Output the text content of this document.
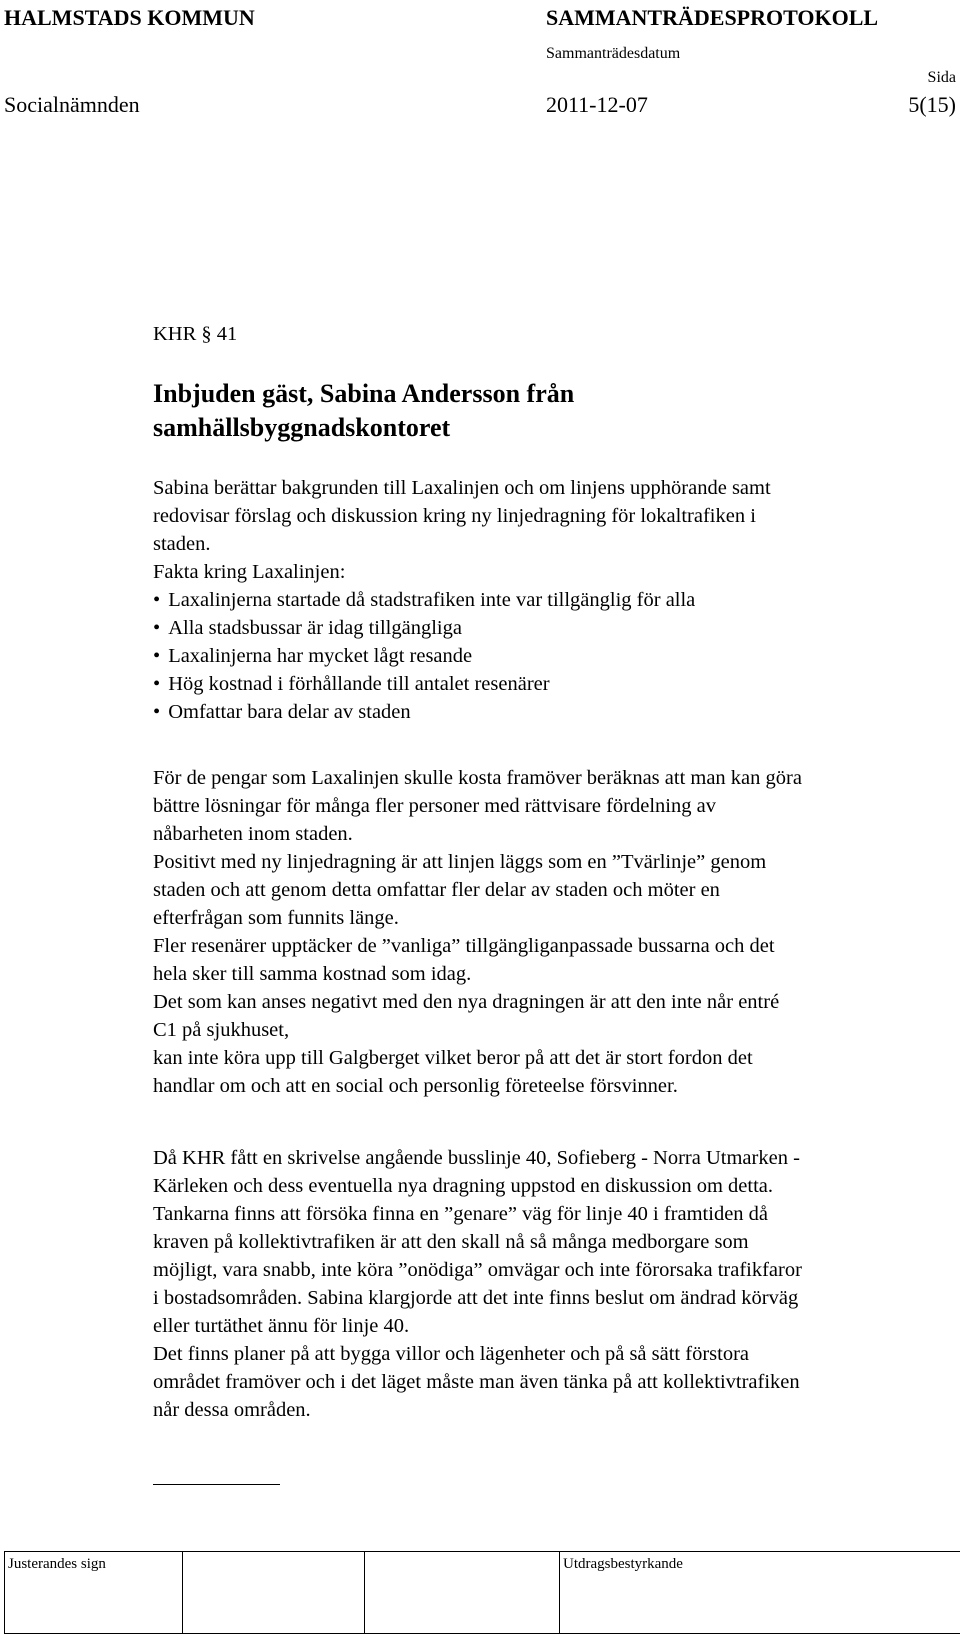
HALMSTADS KOMMUN	SAMMANTRÄDESPROTOKOLL
Sammanträdesdatum
Sida
Socialnämnden	2011-12-07	5(15)
KHR § 41
Inbjuden gäst, Sabina Andersson från
samhällsbyggnadskontoret
Sabina berättar bakgrunden till Laxalinjen och om linjens upphörande samt
redovisar förslag och diskussion kring ny linjedragning för lokaltrafiken i
staden.
Fakta kring Laxalinjen:
• Laxalinjerna startade då stadstrafiken inte var tillgänglig för alla
• Alla stadsbussar är idag tillgängliga
• Laxalinjerna har mycket lågt resande
• Hög kostnad i förhållande till antalet resenärer
• Omfattar bara delar av staden
För de pengar som Laxalinjen skulle kosta framöver beräknas att man kan göra
bättre lösningar för många fler personer med rättvisare fördelning av
nåbarheten inom staden.
Positivt med ny linjedragning är att linjen läggs som en ”Tvärlinje” genom
staden och att genom detta omfattar fler delar av staden och möter en
efterfrågan som funnits länge.
Fler resenärer upptäcker de ”vanliga” tillgängliganpassade bussarna och det
hela sker till samma kostnad som idag.
Det som kan anses negativt med den nya dragningen är att den inte når entré
C1 på sjukhuset,
kan inte köra upp till Galgberget vilket beror på att det är stort fordon det
handlar om och att en social och personlig företeelse försvinner.
Då KHR fått en skrivelse angående busslinje 40, Sofieberg - Norra Utmarken -
Kärleken och dess eventuella nya dragning uppstod en diskussion om detta.
Tankarna finns att försöka finna en ”genare” väg för linje 40 i framtiden då
kraven på kollektivtrafiken är att den skall nå så många medborgare som
möjligt, vara snabb, inte köra ”onödiga” omvägar och inte förorsaka trafikfaror
i bostadsområden. Sabina klargjorde att det inte finns beslut om ändrad körväg
eller turtäthet ännu för linje 40.
Det finns planer på att bygga villor och lägenheter och på så sätt förstora
området framöver och i det läget måste man även tänka på att kollektivtrafiken
når dessa områden.
Justerandes sign			Utdragsbestyrkande
